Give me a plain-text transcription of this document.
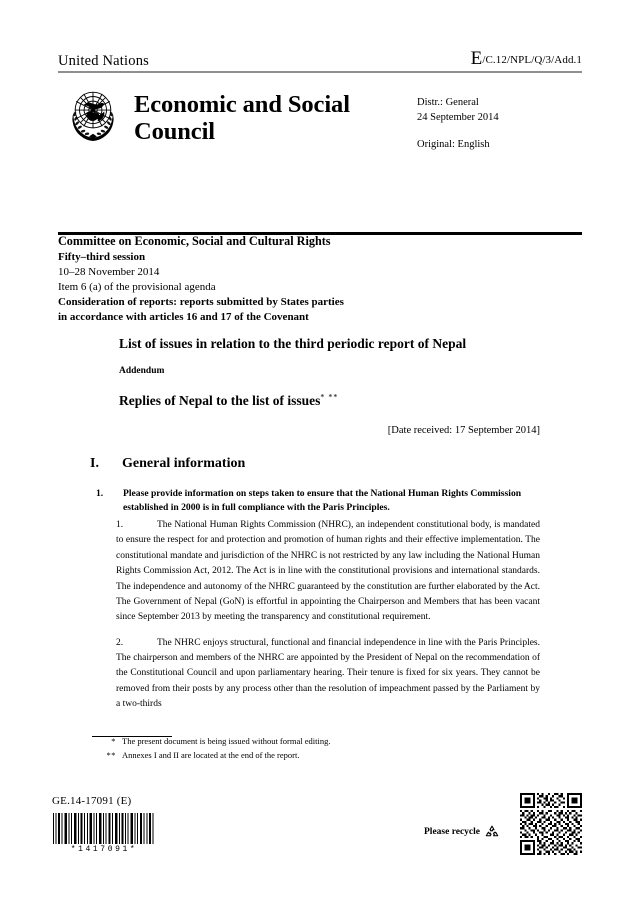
United Nations	E/C.12/NPL/Q/3/Add.1
Economic and Social Council
Distr.: General
24 September 2014
Original: English
Committee on Economic, Social and Cultural Rights
Fifty–third session
10–28 November 2014
Item 6 (a) of the provisional agenda
Consideration of reports: reports submitted by States parties
in accordance with articles 16 and 17 of the Covenant
List of issues in relation to the third periodic report of Nepal
Addendum
Replies of Nepal to the list of issues* **
[Date received: 17 September 2014]
I.	General information
1.	Please provide information on steps taken to ensure that the National Human Rights Commission established in 2000 is in full compliance with the Paris Principles.

1.	The National Human Rights Commission (NHRC), an independent constitutional body, is mandated to ensure the respect for and protection and promotion of human rights and their effective implementation. The constitutional mandate and jurisdiction of the NHRC is not restricted by any law including the National Human Rights Commission Act, 2012. The Act is in line with the constitutional provisions and international standards. The independence and autonomy of the NHRC guaranteed by the constitution are further elaborated by the Act. The Government of Nepal (GoN) is effortful in appointing the Chairperson and Members that has been vacant since September 2013 by meeting the transparency and constitutional requirement.

2.	The NHRC enjoys structural, functional and financial independence in line with the Paris Principles. The chairperson and members of the NHRC are appointed by the President of Nepal on the recommendation of the Constitutional Council and upon parliamentary hearing. Their tenure is fixed for six years. They cannot be removed from their posts by any process other than the resolution of impeachment passed by the Parliament by a two-thirds

* The present document is being issued without formal editing.
** Annexes I and II are located at the end of the report.
GE.14-17091 (E)
*1417091*
Please recycle
